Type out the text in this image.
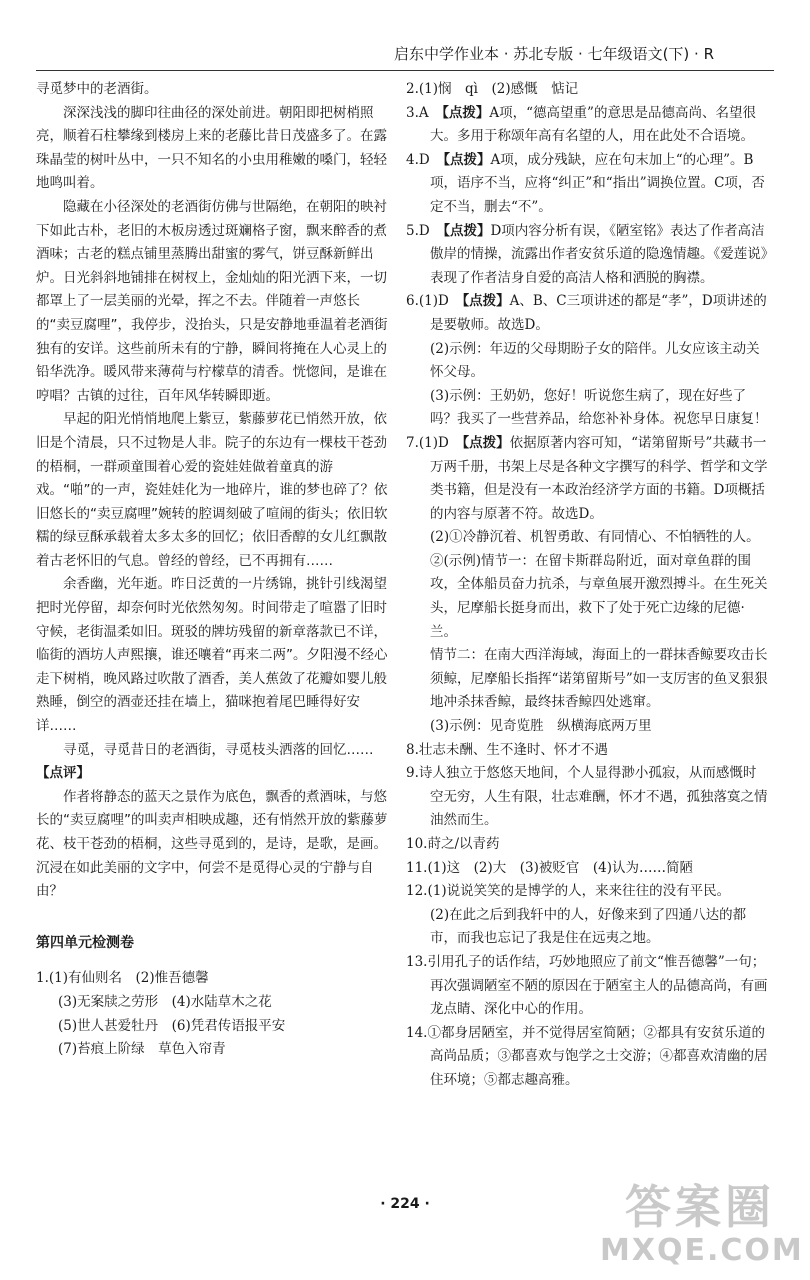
启东中学作业本 · 苏北专版 · 七年级语文(下) · R

寻觅梦中的老酒街。

深深浅浅的脚印往曲径的深处前进。朝阳即把树梢照亮，顺着石柱攀缘到楼房上来的老藤比昔日茂盛多了。在露珠晶莹的树叶丛中，一只不知名的小虫用稚嫩的嗓门，轻轻地鸣叫着。

隐藏在小径深处的老酒街仿佛与世隔绝，在朝阳的映衬下如此古朴，老旧的木板房透过斑斓格子窗，飘来醉香的煮酒味；古老的糕点铺里蒸腾出甜蜜的雾气，饼豆酥新鲜出炉。日光斜斜地铺排在树杈上，金灿灿的阳光洒下来，一切都罩上了一层美丽的光晕，挥之不去。伴随着一声悠长的“卖豆腐哩”，我停步，没抬头，只是安静地垂温着老酒街独有的安详。这些前所未有的宁静，瞬间将掩在人心灵上的铅华洗净。暖风带来薄荷与柠檬草的清香。恍惚间，是谁在哼唱？古镇的过往，百年风华转瞬即逝。

早起的阳光悄悄地爬上紫豆，紫藤萝花已悄然开放，依旧是个清晨，只不过物是人非。院子的东边有一棵枝干苍劲的梧桐，一群顽童围着心爱的瓷娃娃做着童真的游戏。“啪”的一声，瓷娃娃化为一地碎片，谁的梦也碎了？依旧悠长的“卖豆腐哩”婉转的腔调刻破了喧闹的街头；依旧软糯的绿豆酥承载着太多太多的回忆；依旧香醇的女儿红飘散着古老怀旧的气息。曾经的曾经，已不再拥有……

余香幽，光年逝。昨日泛黄的一片绣锦，挑针引线渴望把时光停留，却奈何时光依然匆匆。时间带走了喧嚣了旧时守候，老街温柔如旧。斑驳的牌坊残留的新章落款已不详，临街的酒坊人声熙攘，谁还嚷着“再来二两”。夕阳漫不经心走下树梢，晚风路过吹散了酒香，美人蕉敛了花瓣如婴儿般熟睡，倒空的酒壶还挂在墙上，猫咪抱着尾巴睡得好安详……

寻觅，寻觅昔日的老酒街，寻觅枝头洒落的回忆……

【点评】

作者将静态的蓝天之景作为底色，飘香的煮酒味，与悠长的“卖豆腐哩”的叫卖声相映成趣，还有悄然开放的紫藤萝花、枝干苍劲的梧桐，这些寻觅到的，是诗，是歌，是画。沉浸在如此美丽的文字中，何尝不是觅得心灵的宁静与自由？

第四单元检测卷

1.(1)有仙则名　(2)惟吾德馨

(3)无案牍之劳形　(4)水陆草木之花

(5)世人甚爱牡丹　(6)凭君传语报平安

(7)苔痕上阶绿　草色入帘青

2.(1)悯　qì　(2)感慨　惦记

3.A　【点拨】A项，“德高望重”的意思是品德高尚、名望很大。多用于称颂年高有名望的人，用在此处不合语境。

4.D　【点拨】A项，成分残缺，应在句末加上“的心理”。B项，语序不当，应将“纠正”和“指出”调换位置。C项，否定不当，删去“不”。

5.D　【点拨】D项内容分析有误，《陋室铭》表达了作者高洁傲岸的情操，流露出作者安贫乐道的隐逸情趣。《爱莲说》表现了作者洁身自爱的高洁人格和洒脱的胸襟。

6.(1)D　【点拨】A、B、C三项讲述的都是“孝”，D项讲述的是要敬师。故选D。

(2)示例：年迈的父母期盼子女的陪伴。儿女应该主动关怀父母。

(3)示例：王奶奶，您好！听说您生病了，现在好些了吗？我买了一些营养品，给您补补身体。祝您早日康复！

7.(1)D　【点拨】依据原著内容可知，“诺第留斯号”共藏书一万两千册，书架上尽是各种文字撰写的科学、哲学和文学类书籍，但是没有一本政治经济学方面的书籍。D项概括的内容与原著不符。故选D。

(2)①冷静沉着、机智勇敢、有同情心、不怕牺牲的人。

②(示例)情节一：在留卡斯群岛附近，面对章鱼群的围攻，全体船员奋力抗杀，与章鱼展开激烈搏斗。在生死关头，尼摩船长挺身而出，救下了处于死亡边缘的尼德·兰。

情节二：在南大西洋海域，海面上的一群抹香鲸要攻击长须鲸，尼摩船长指挥“诺第留斯号”如一支厉害的鱼叉狠狠地冲杀抹香鲸，最终抹香鲸四处逃窜。

(3)示例：见奇览胜　纵横海底两万里

8.壮志未酬、生不逢时、怀才不遇

9.诗人独立于悠悠天地间，个人显得渺小孤寂，从而感慨时空无穷，人生有限，壮志难酬，怀才不遇，孤独落寞之情油然而生。

10.莳之/以青药

11.(1)这　(2)大　(3)被贬官　(4)认为……简陋

12.(1)说说笑笑的是博学的人，来来往往的没有平民。

(2)在此之后到我轩中的人，好像来到了四通八达的都市，而我也忘记了我是住在远夷之地。

13.引用孔子的话作结，巧妙地照应了前文“惟吾德馨”一句；再次强调陋室不陋的原因在于陋室主人的品德高尚，有画龙点睛、深化中心的作用。

14.①都身居陋室，并不觉得居室简陋；②都具有安贫乐道的高尚品质；③都喜欢与饱学之士交游；④都喜欢清幽的居住环境；⑤都志趣高雅。

· 224 ·	答案圈
MXQE.COM
